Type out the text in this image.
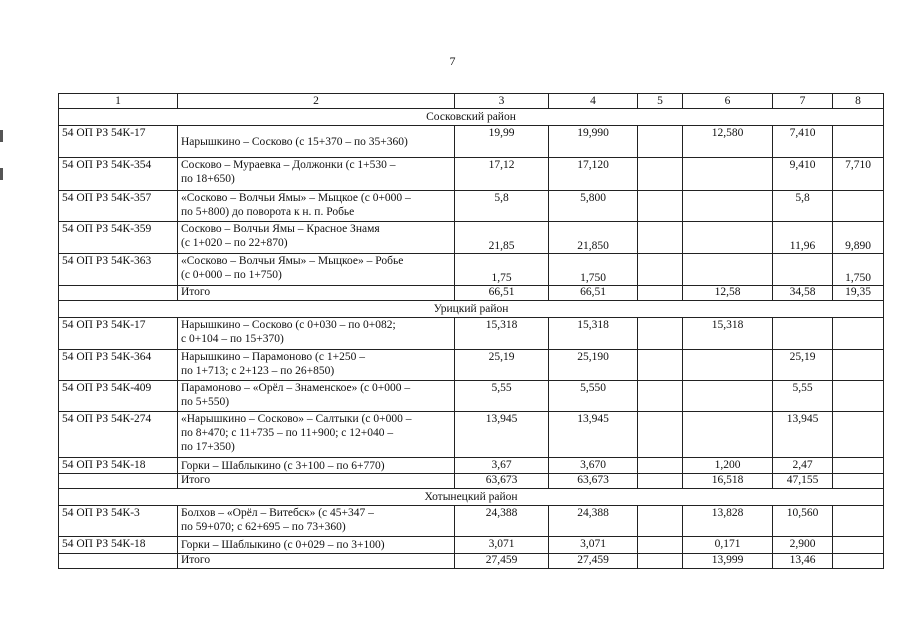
7
1	2	3	4	5	6	7	8
Сосковский район							
54 ОП РЗ 54К-17	Нарышкино – Сосково (с 15+370 – по 35+360)	19,99	19,990		12,580	7,410	
54 ОП РЗ 54К-354	Сосково – Мураевка – Должонки (с 1+530 –
по 18+650)	17,12	17,120			9,410	7,710
54 ОП РЗ 54К-357	«Сосково – Волчьи Ямы» – Мыцкое (с 0+000 –
по 5+800) до поворота к н. п. Робье	5,8	5,800			5,8	
54 ОП РЗ 54К-359	Сосково – Волчьи Ямы – Красное Знамя
(с 1+020 – по 22+870)	21,85	21,850			11,96	9,890
54 ОП РЗ 54К-363	«Сосково – Волчьи Ямы» – Мыцкое» – Робье
(с 0+000 – по 1+750)	1,75	1,750				1,750
	Итого	66,51	66,51		12,58	34,58	19,35
Урицкий район							
54 ОП РЗ 54К-17	Нарышкино – Сосково (с 0+030 – по 0+082;
с 0+104 – по 15+370)	15,318	15,318		15,318		
54 ОП РЗ 54К-364	Нарышкино – Парамоново (с 1+250 –
по 1+713; с 2+123 – по 26+850)	25,19	25,190			25,19	
54 ОП РЗ 54К-409	Парамоново – «Орёл – Знаменское» (с 0+000 –
по 5+550)	5,55	5,550			5,55	
54 ОП РЗ 54К-274	«Нарышкино – Сосково» – Салтыки (с 0+000 –
по 8+470; с 11+735 – по 11+900; с 12+040 –
по 17+350)	13,945	13,945			13,945	
54 ОП РЗ 54К-18	Горки – Шаблыкино (с 3+100 – по 6+770)	3,67	3,670		1,200	2,47	
	Итого	63,673	63,673		16,518	47,155	
Хотынецкий район							
54 ОП РЗ 54К-3	Болхов – «Орёл – Витебск» (с 45+347 –
по 59+070; с 62+695 – по 73+360)	24,388	24,388		13,828	10,560	
54 ОП РЗ 54К-18	Горки – Шаблыкино (с 0+029 – по 3+100)	3,071	3,071		0,171	2,900	
	Итого	27,459	27,459		13,999	13,46	
